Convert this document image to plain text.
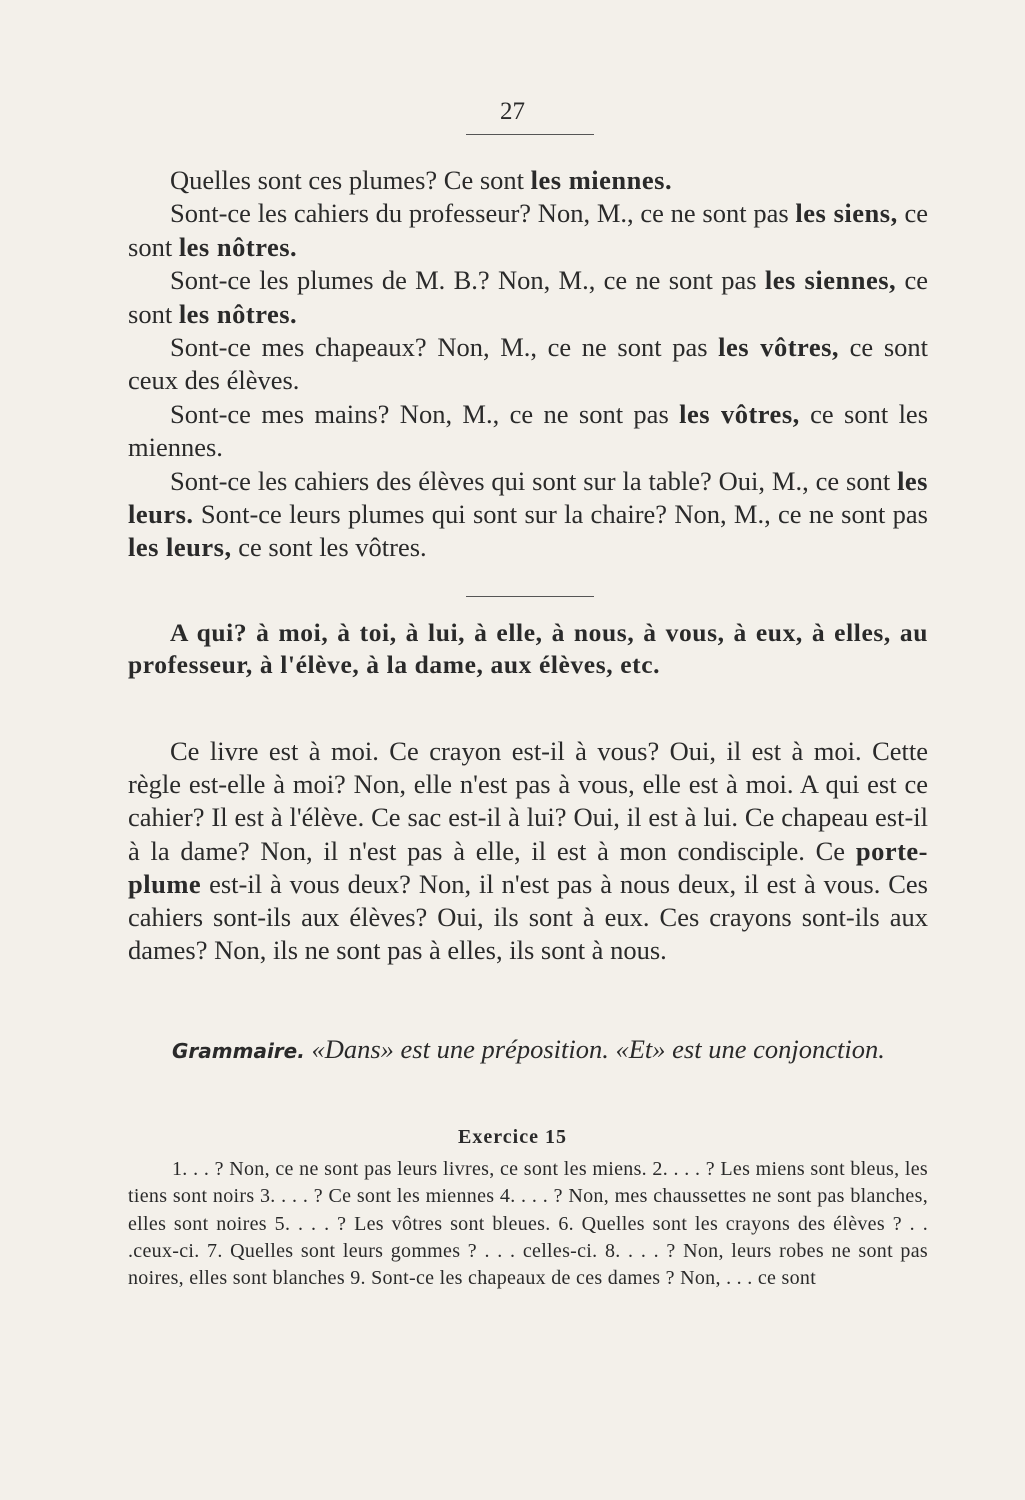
27

Quelles sont ces plumes? Ce sont les miennes.

Sont-ce les cahiers du professeur? Non, M., ce ne sont pas les siens, ce sont les nôtres.

Sont-ce les plumes de M. B.? Non, M., ce ne sont pas les siennes, ce sont les nôtres.

Sont-ce mes chapeaux? Non, M., ce ne sont pas les vôtres, ce sont ceux des élèves.

Sont-ce mes mains? Non, M., ce ne sont pas les vôtres, ce sont les miennes.

Sont-ce les cahiers des élèves qui sont sur la table? Oui, M., ce sont les leurs. Sont-ce leurs plumes qui sont sur la chaire? Non, M., ce ne sont pas les leurs, ce sont les vôtres.

A qui? à moi, à toi, à lui, à elle, à nous, à vous, à eux, à elles, au professeur, à l'élève, à la dame, aux élèves, etc.
Ce livre est à moi. Ce crayon est-il à vous? Oui, il est à moi. Cette règle est-elle à moi? Non, elle n'est pas à vous, elle est à moi. A qui est ce cahier? Il est à l'élève. Ce sac est-il à lui? Oui, il est à lui. Ce chapeau est-il à la dame? Non, il n'est pas à elle, il est à mon condisciple. Ce porte-plume est-il à vous deux? Non, il n'est pas à nous deux, il est à vous. Ces cahiers sont-ils aux élèves? Oui, ils sont à eux. Ces crayons sont-ils aux dames? Non, ils ne sont pas à elles, ils sont à nous.
Grammaire. «Dans» est une préposition. «Et» est une conjonction.
Exercice 15
1. . . ? Non, ce ne sont pas leurs livres, ce sont les miens. 2. . . . ? Les miens sont bleus, les tiens sont noirs 3. . . . ? Ce sont les miennes 4. . . . ? Non, mes chaussettes ne sont pas blanches, elles sont noires 5. . . . ? Les vôtres sont bleues. 6. Quelles sont les crayons des élèves ? . . .ceux-ci. 7. Quelles sont leurs gommes ? . . . celles-ci. 8. . . . ? Non, leurs robes ne sont pas noires, elles sont blanches 9. Sont-ce les chapeaux de ces dames ? Non, . . . ce sont
